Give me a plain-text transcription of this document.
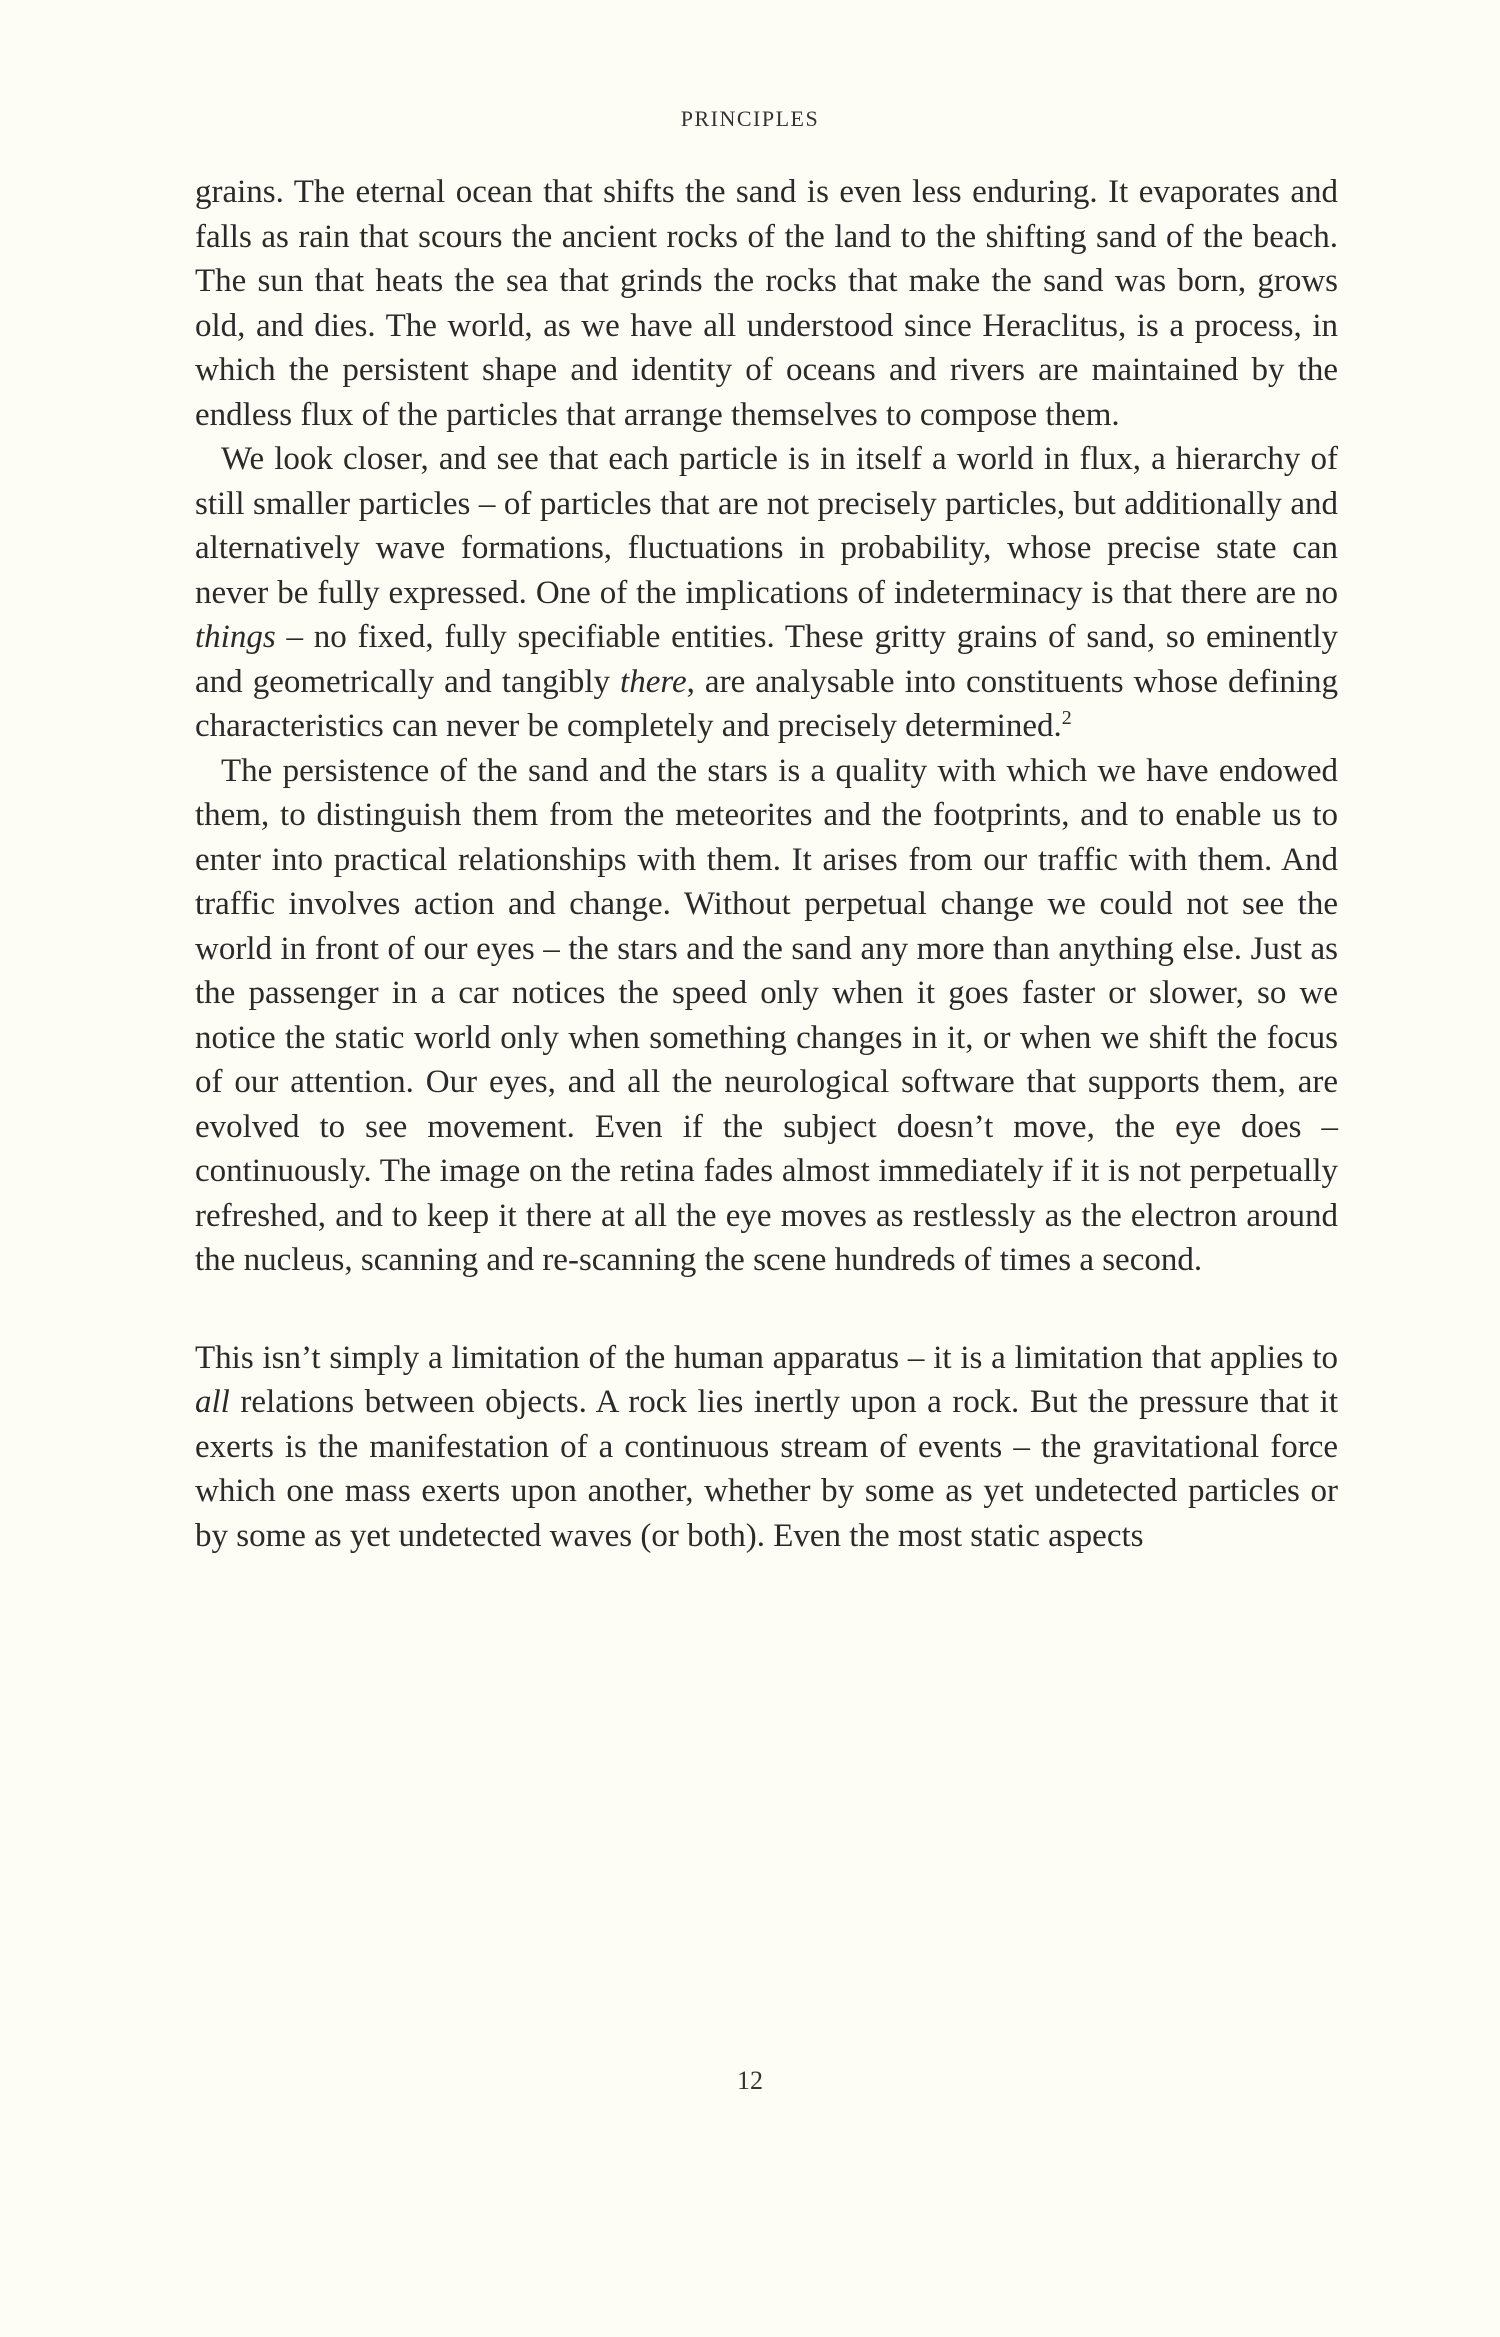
PRINCIPLES

grains. The eternal ocean that shifts the sand is even less enduring. It evaporates and falls as rain that scours the ancient rocks of the land to the shifting sand of the beach. The sun that heats the sea that grinds the rocks that make the sand was born, grows old, and dies. The world, as we have all understood since Heraclitus, is a process, in which the persistent shape and identity of oceans and rivers are maintained by the endless flux of the particles that arrange themselves to compose them.

We look closer, and see that each particle is in itself a world in flux, a hierarchy of still smaller particles – of particles that are not precisely particles, but additionally and alternatively wave formations, fluctuations in probability, whose precise state can never be fully expressed. One of the implications of indeterminacy is that there are no things – no fixed, fully specifiable entities. These gritty grains of sand, so eminently and geometrically and tangibly there, are analysable into constituents whose defining characteristics can never be completely and precisely determined.$^2$

The persistence of the sand and the stars is a quality with which we have endowed them, to distinguish them from the meteorites and the footprints, and to enable us to enter into practical relationships with them. It arises from our traffic with them. And traffic involves action and change. Without perpetual change we could not see the world in front of our eyes – the stars and the sand any more than anything else. Just as the passenger in a car notices the speed only when it goes faster or slower, so we notice the static world only when something changes in it, or when we shift the focus of our attention. Our eyes, and all the neurological software that supports them, are evolved to see movement. Even if the subject doesn’t move, the eye does – continuously. The image on the retina fades almost immediately if it is not perpetually refreshed, and to keep it there at all the eye moves as restlessly as the electron around the nucleus, scanning and re-scanning the scene hundreds of times a second.

This isn’t simply a limitation of the human apparatus – it is a limitation that applies to all relations between objects. A rock lies inertly upon a rock. But the pressure that it exerts is the manifestation of a continuous stream of events – the gravitational force which one mass exerts upon another, whether by some as yet undetected particles or by some as yet undetected waves (or both). Even the most static aspects

12
